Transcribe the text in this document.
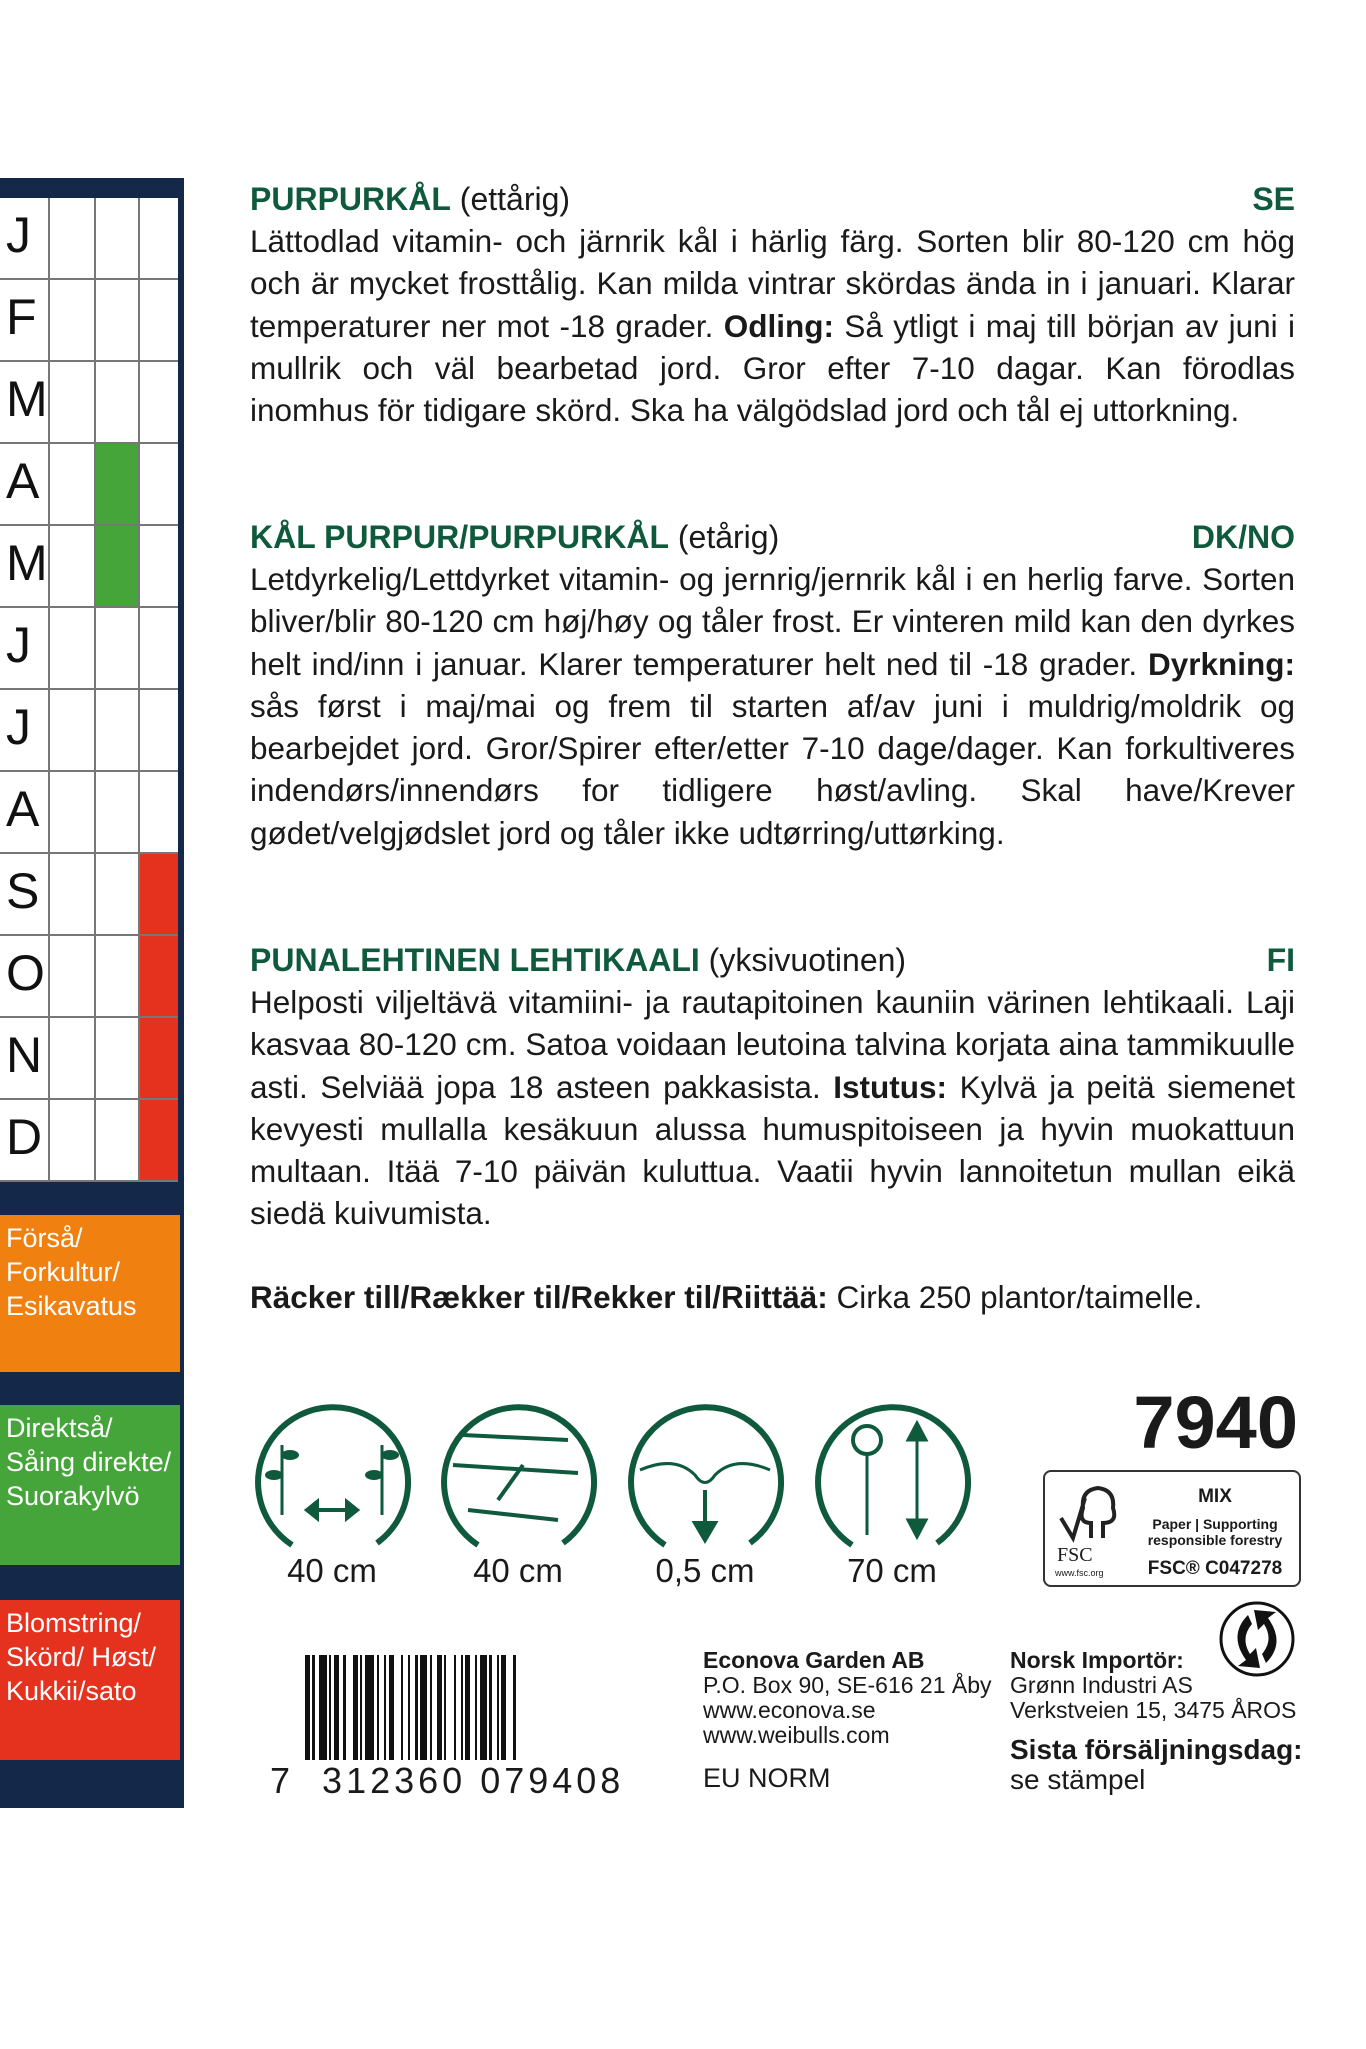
J
F
M
A
M
J
J
A
S
O
N
D
Förså/ Forkultur/ Esikavatus
Direktså/ Såing direkte/ Suorakylvö
Blomstring/ Skörd/ Høst/ Kukkii/sato
PURPURKÅL (ettårig)	SE
Lättodlad vitamin- och järnrik kål i härlig färg. Sorten blir 80-120 cm hög och är mycket frosttålig. Kan milda vintrar skördas ända in i januari. Klarar temperaturer ner mot -18 grader. Odling: Så ytligt i maj till början av juni i mullrik och väl bearbetad jord. Gror efter 7-10 dagar. Kan förodlas inomhus för tidigare skörd. Ska ha välgödslad jord och tål ej uttorkning.
KÅL PURPUR/PURPURKÅL (etårig)	DK/NO
Letdyrkelig/Lettdyrket vitamin- og jernrig/jernrik kål i en herlig farve. Sorten bliver/blir 80-120 cm høj/høy og tåler frost. Er vinteren mild kan den dyrkes helt ind/inn i januar. Klarer temperaturer helt ned til -18 grader. Dyrkning: sås først i maj/mai og frem til starten af/av juni i muldrig/moldrik og bearbejdet jord. Gror/Spirer efter/etter 7-10 dage/dager. Kan forkultiveres indendørs/innendørs for tidligere høst/avling. Skal have/Krever gødet/velgjødslet jord og tåler ikke udtørring/uttørking.
PUNALEHTINEN LEHTIKAALI (yksivuotinen)	FI
Helposti viljeltävä vitamiini- ja rautapitoinen kauniin värinen lehtikaali. Laji kasvaa 80-120 cm. Satoa voidaan leutoina talvina korjata aina tammikuulle asti. Selviää jopa 18 asteen pakkasista. Istutus: Kylvä ja peitä siemenet kevyesti mullalla kesäkuun alussa humuspitoiseen ja hyvin muokattuun multaan. Itää 7-10 päivän kuluttua. Vaatii hyvin lannoitetun mullan eikä siedä kuivumista.
Räcker till/Rækker til/Rekker til/Riittää: Cirka 250 plantor/taimelle.
40 cm	40 cm	0,5 cm	70 cm
7940
FSC
www.fsc.org
MIX
Paper | Supporting
responsible forestry
FSC® C047278
7 312360 079408
Econova Garden AB
P.O. Box 90, SE-616 21 Åby
www.econova.se
www.weibulls.com
EU NORM
Norsk Importör:
Grønn Industri AS
Verkstveien 15, 3475 ÅROS
Sista försäljningsdag:
se stämpel
